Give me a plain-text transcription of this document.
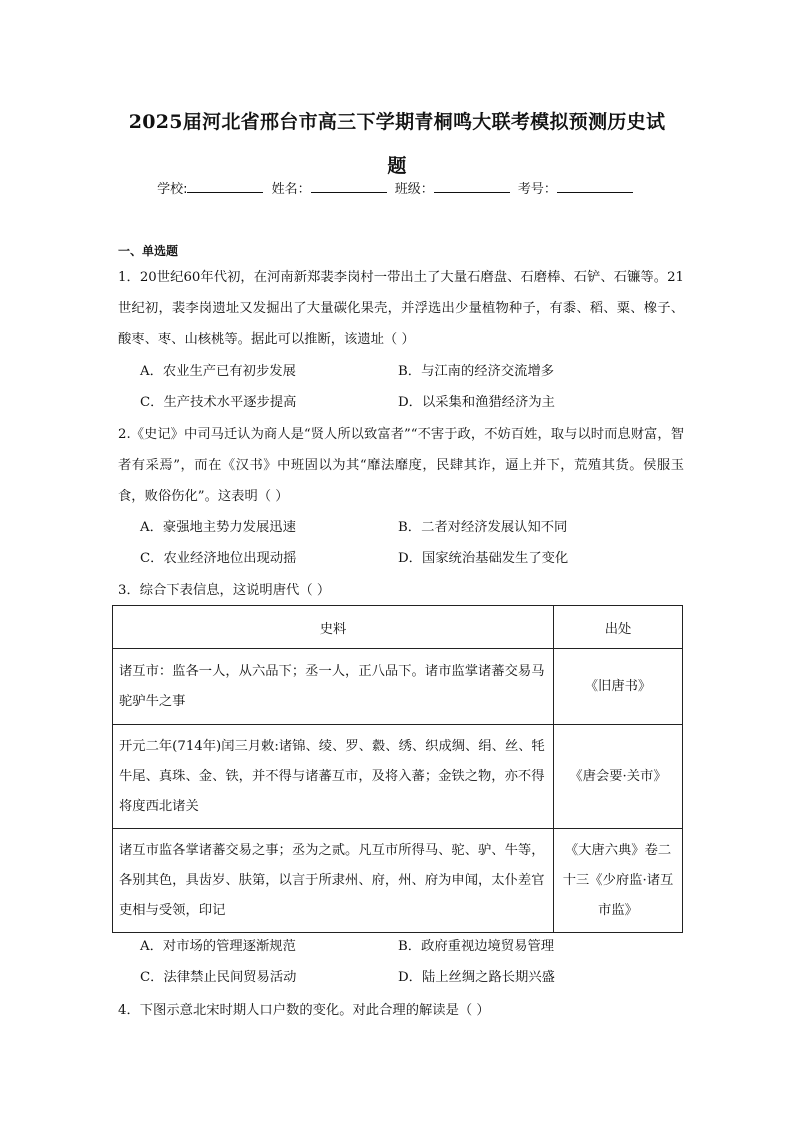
2025届河北省邢台市高三下学期青桐鸣大联考模拟预测历史试
题
学校:	姓名：	班级：	考号：
一、单选题
1．20世纪60年代初，在河南新郑裴李岗村一带出土了大量石磨盘、石磨棒、石铲、石镰等。21世纪初，裴李岗遗址又发掘出了大量碳化果壳，并浮选出少量植物种子，有黍、稻、粟、橡子、酸枣、枣、山核桃等。据此可以推断，该遗址（ ）
A．农业生产已有初步发展	B．与江南的经济交流增多
C．生产技术水平逐步提高	D．以采集和渔猎经济为主
2.《史记》中司马迁认为商人是“贤人所以致富者”“不害于政，不妨百姓，取与以时而息财富，智者有采焉”，而在《汉书》中班固以为其“靡法靡度，民肆其诈，逼上并下，荒殖其货。侯服玉食，败俗伤化”。这表明（ ）
A．豪强地主势力发展迅速	B．二者对经济发展认知不同
C．农业经济地位出现动摇	D．国家统治基础发生了变化
3．综合下表信息，这说明唐代（ ）
史料	出处
诸互市：监各一人，从六品下；丞一人，正八品下。诸市监掌诸蕃交易马驼驴牛之事	《旧唐书》
开元二年(714年)闰三月敕:诸锦、绫、罗、縠、绣、织成绸、绢、丝、牦牛尾、真珠、金、铁，并不得与诸蕃互市，及将入蕃；金铁之物，亦不得将度西北诸关	《唐会要·关市》
诸互市监各掌诸蕃交易之事；丞为之贰。凡互市所得马、驼、驴、牛等，各别其色，具齿岁、肤第，以言于所隶州、府，州、府为申闻，太仆差官吏相与受领，印记	《大唐六典》卷二十三《少府监·诸互市监》
A．对市场的管理逐渐规范	B．政府重视边境贸易管理
C．法律禁止民间贸易活动	D．陆上丝绸之路长期兴盛
4．下图示意北宋时期人口户数的变化。对此合理的解读是（ ）
